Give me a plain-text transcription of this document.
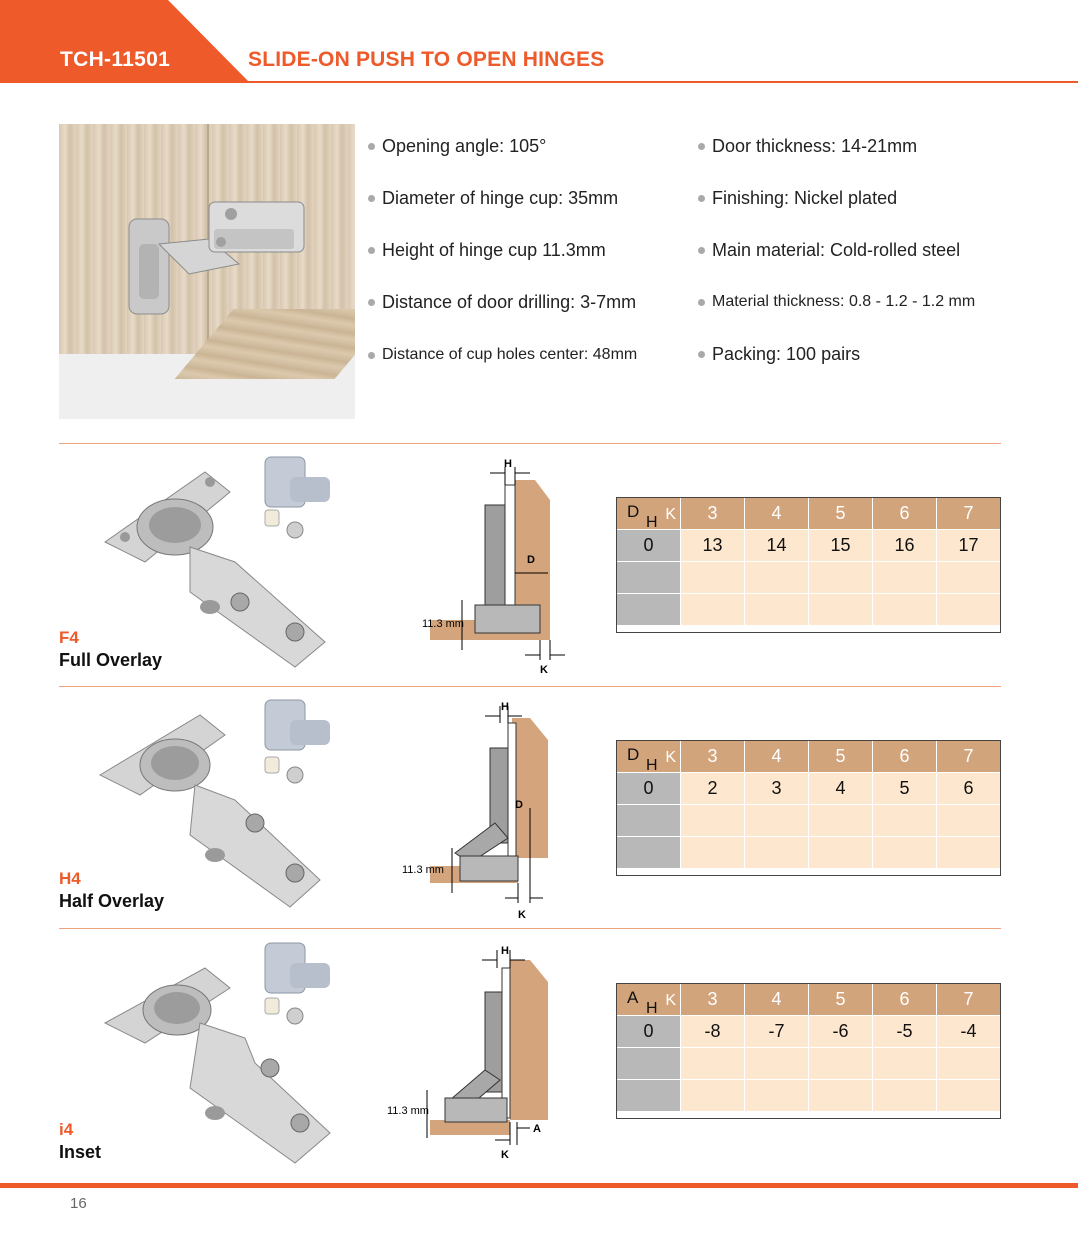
TCH-11501	SLIDE-ON PUSH TO OPEN HINGES
Opening angle: 105°
Diameter of hinge cup: 35mm
Height of hinge cup 11.3mm
Distance of door drilling: 3-7mm
Distance of cup holes center: 48mm
Door thickness: 14-21mm
Finishing: Nickel plated
Main material: Cold-rolled steel
Material thickness: 0.8 - 1.2 - 1.2 mm
Packing: 100 pairs
F4
Full Overlay
H
D
11.3 mm
K
D
H K	3	4	5	6	7
0	13	14	15	16	17

H4
Half Overlay
H
D
11.3 mm
K
D
H K	3	4	5	6	7
0	2	3	4	5	6

i4
Inset
H
11.3 mm
A
K
A
H K	3	4	5	6	7
0	-8	-7	-6	-5	-4

16
